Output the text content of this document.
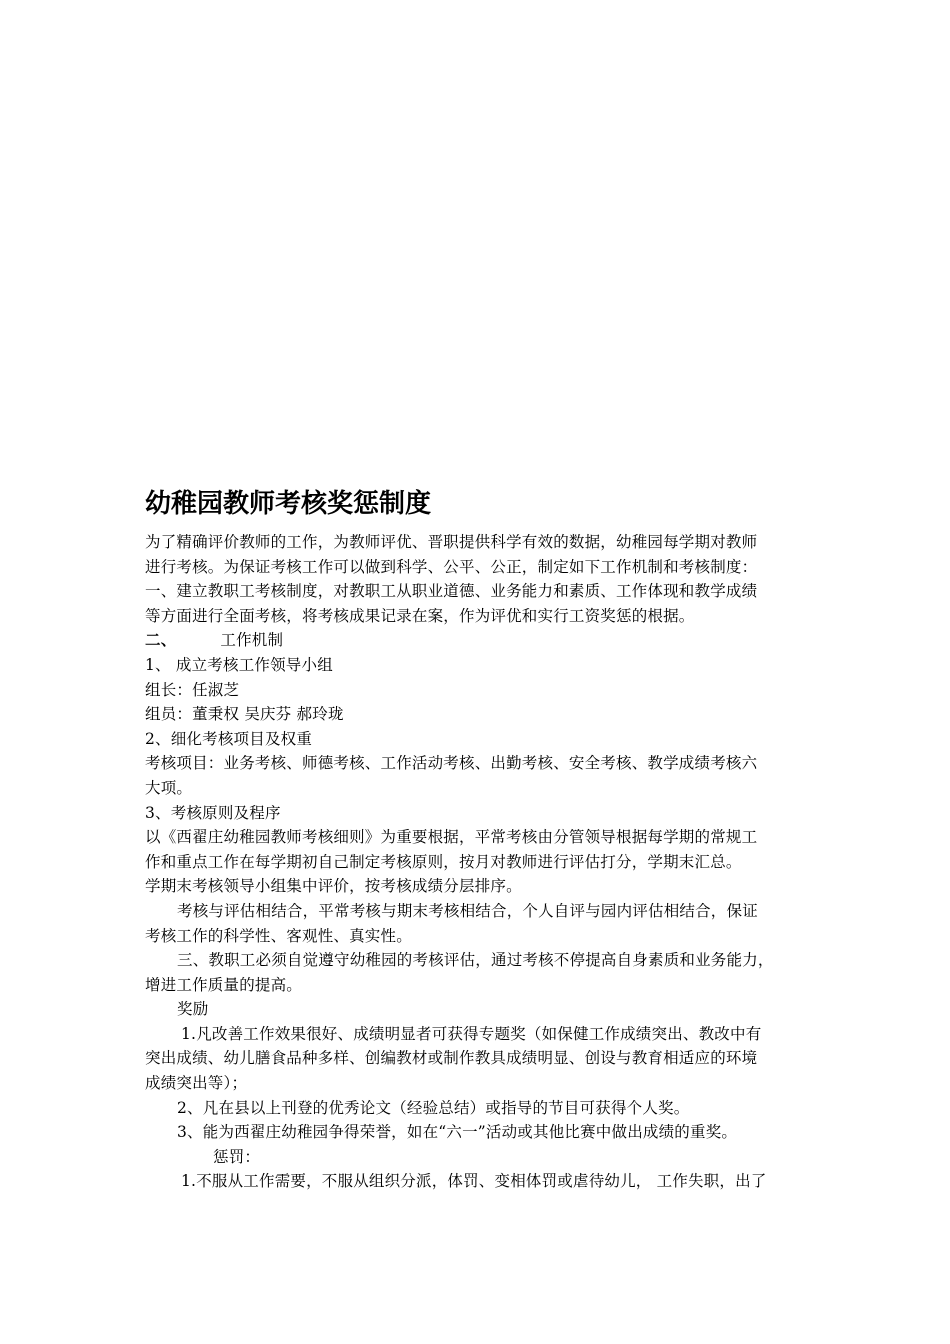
幼稚园教师考核奖惩制度
为了精确评价教师的工作，为教师评优、晋职提供科学有效的数据，幼稚园每学期对教师
进行考核。为保证考核工作可以做到科学、公平、公正，制定如下工作机制和考核制度：
一、建立教职工考核制度，对教职工从职业道德、业务能力和素质、工作体现和教学成绩
等方面进行全面考核，将考核成果记录在案，作为评优和实行工资奖惩的根据。
二、	工作机制
1、 成立考核工作领导小组
组长：任淑芝
组员：董秉权 吴庆芬 郝玲珑
2、细化考核项目及权重
考核项目：业务考核、师德考核、工作活动考核、出勤考核、安全考核、教学成绩考核六
大项。
3、考核原则及程序
以《西翟庄幼稚园教师考核细则》为重要根据，平常考核由分管领导根据每学期的常规工
作和重点工作在每学期初自己制定考核原则，按月对教师进行评估打分，学期末汇总。
学期末考核领导小组集中评价，按考核成绩分层排序。
考核与评估相结合，平常考核与期末考核相结合，个人自评与园内评估相结合，保证
考核工作的科学性、客观性、真实性。
三、教职工必须自觉遵守幼稚园的考核评估，通过考核不停提高自身素质和业务能力，
增进工作质量的提高。
奖励
1.凡改善工作效果很好、成绩明显者可获得专题奖（如保健工作成绩突出、教改中有
突出成绩、幼儿膳食品种多样、创编教材或制作教具成绩明显、创设与教育相适应的环境
成绩突出等）；
2、凡在县以上刊登的优秀论文（经验总结）或指导的节目可获得个人奖。
3、能为西翟庄幼稚园争得荣誉，如在“六一”活动或其他比赛中做出成绩的重奖。
惩罚：
1.不服从工作需要，不服从组织分派，体罚、变相体罚或虐待幼儿， 工作失职，出了
